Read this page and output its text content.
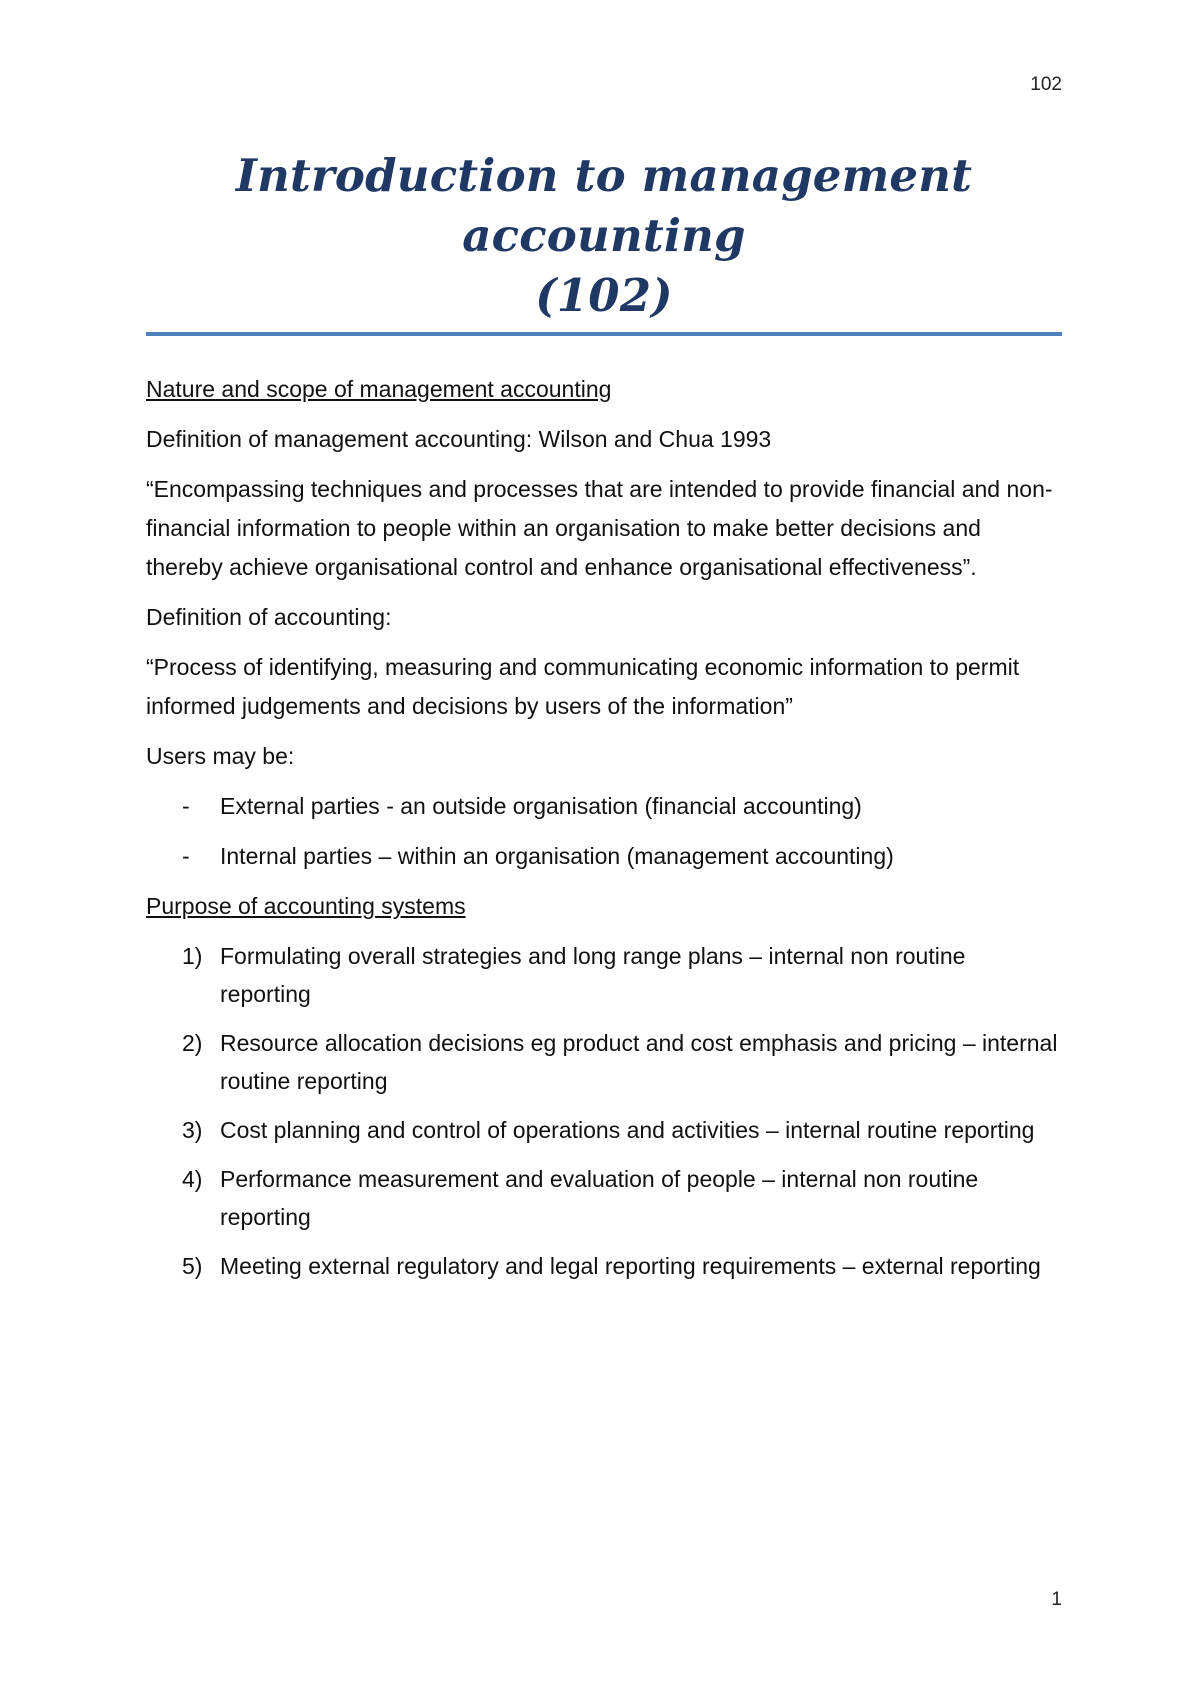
102
Introduction to management accounting
(102)

Nature and scope of management accounting

Definition of management accounting: Wilson and Chua 1993

“Encompassing techniques and processes that are intended to provide financial and non-financial information to people within an organisation to make better decisions and thereby achieve organisational control and enhance organisational effectiveness”.

Definition of accounting:

“Process of identifying, measuring and communicating economic information to permit informed judgements and decisions by users of the information”

Users may be:

- External parties - an outside organisation (financial accounting)
- Internal parties – within an organisation (management accounting)

Purpose of accounting systems

1) Formulating overall strategies and long range plans – internal non routine reporting
2) Resource allocation decisions eg product and cost emphasis and pricing – internal routine reporting
3) Cost planning and control of operations and activities – internal routine reporting
4) Performance measurement and evaluation of people – internal non routine reporting
5) Meeting external regulatory and legal reporting requirements – external reporting
1
